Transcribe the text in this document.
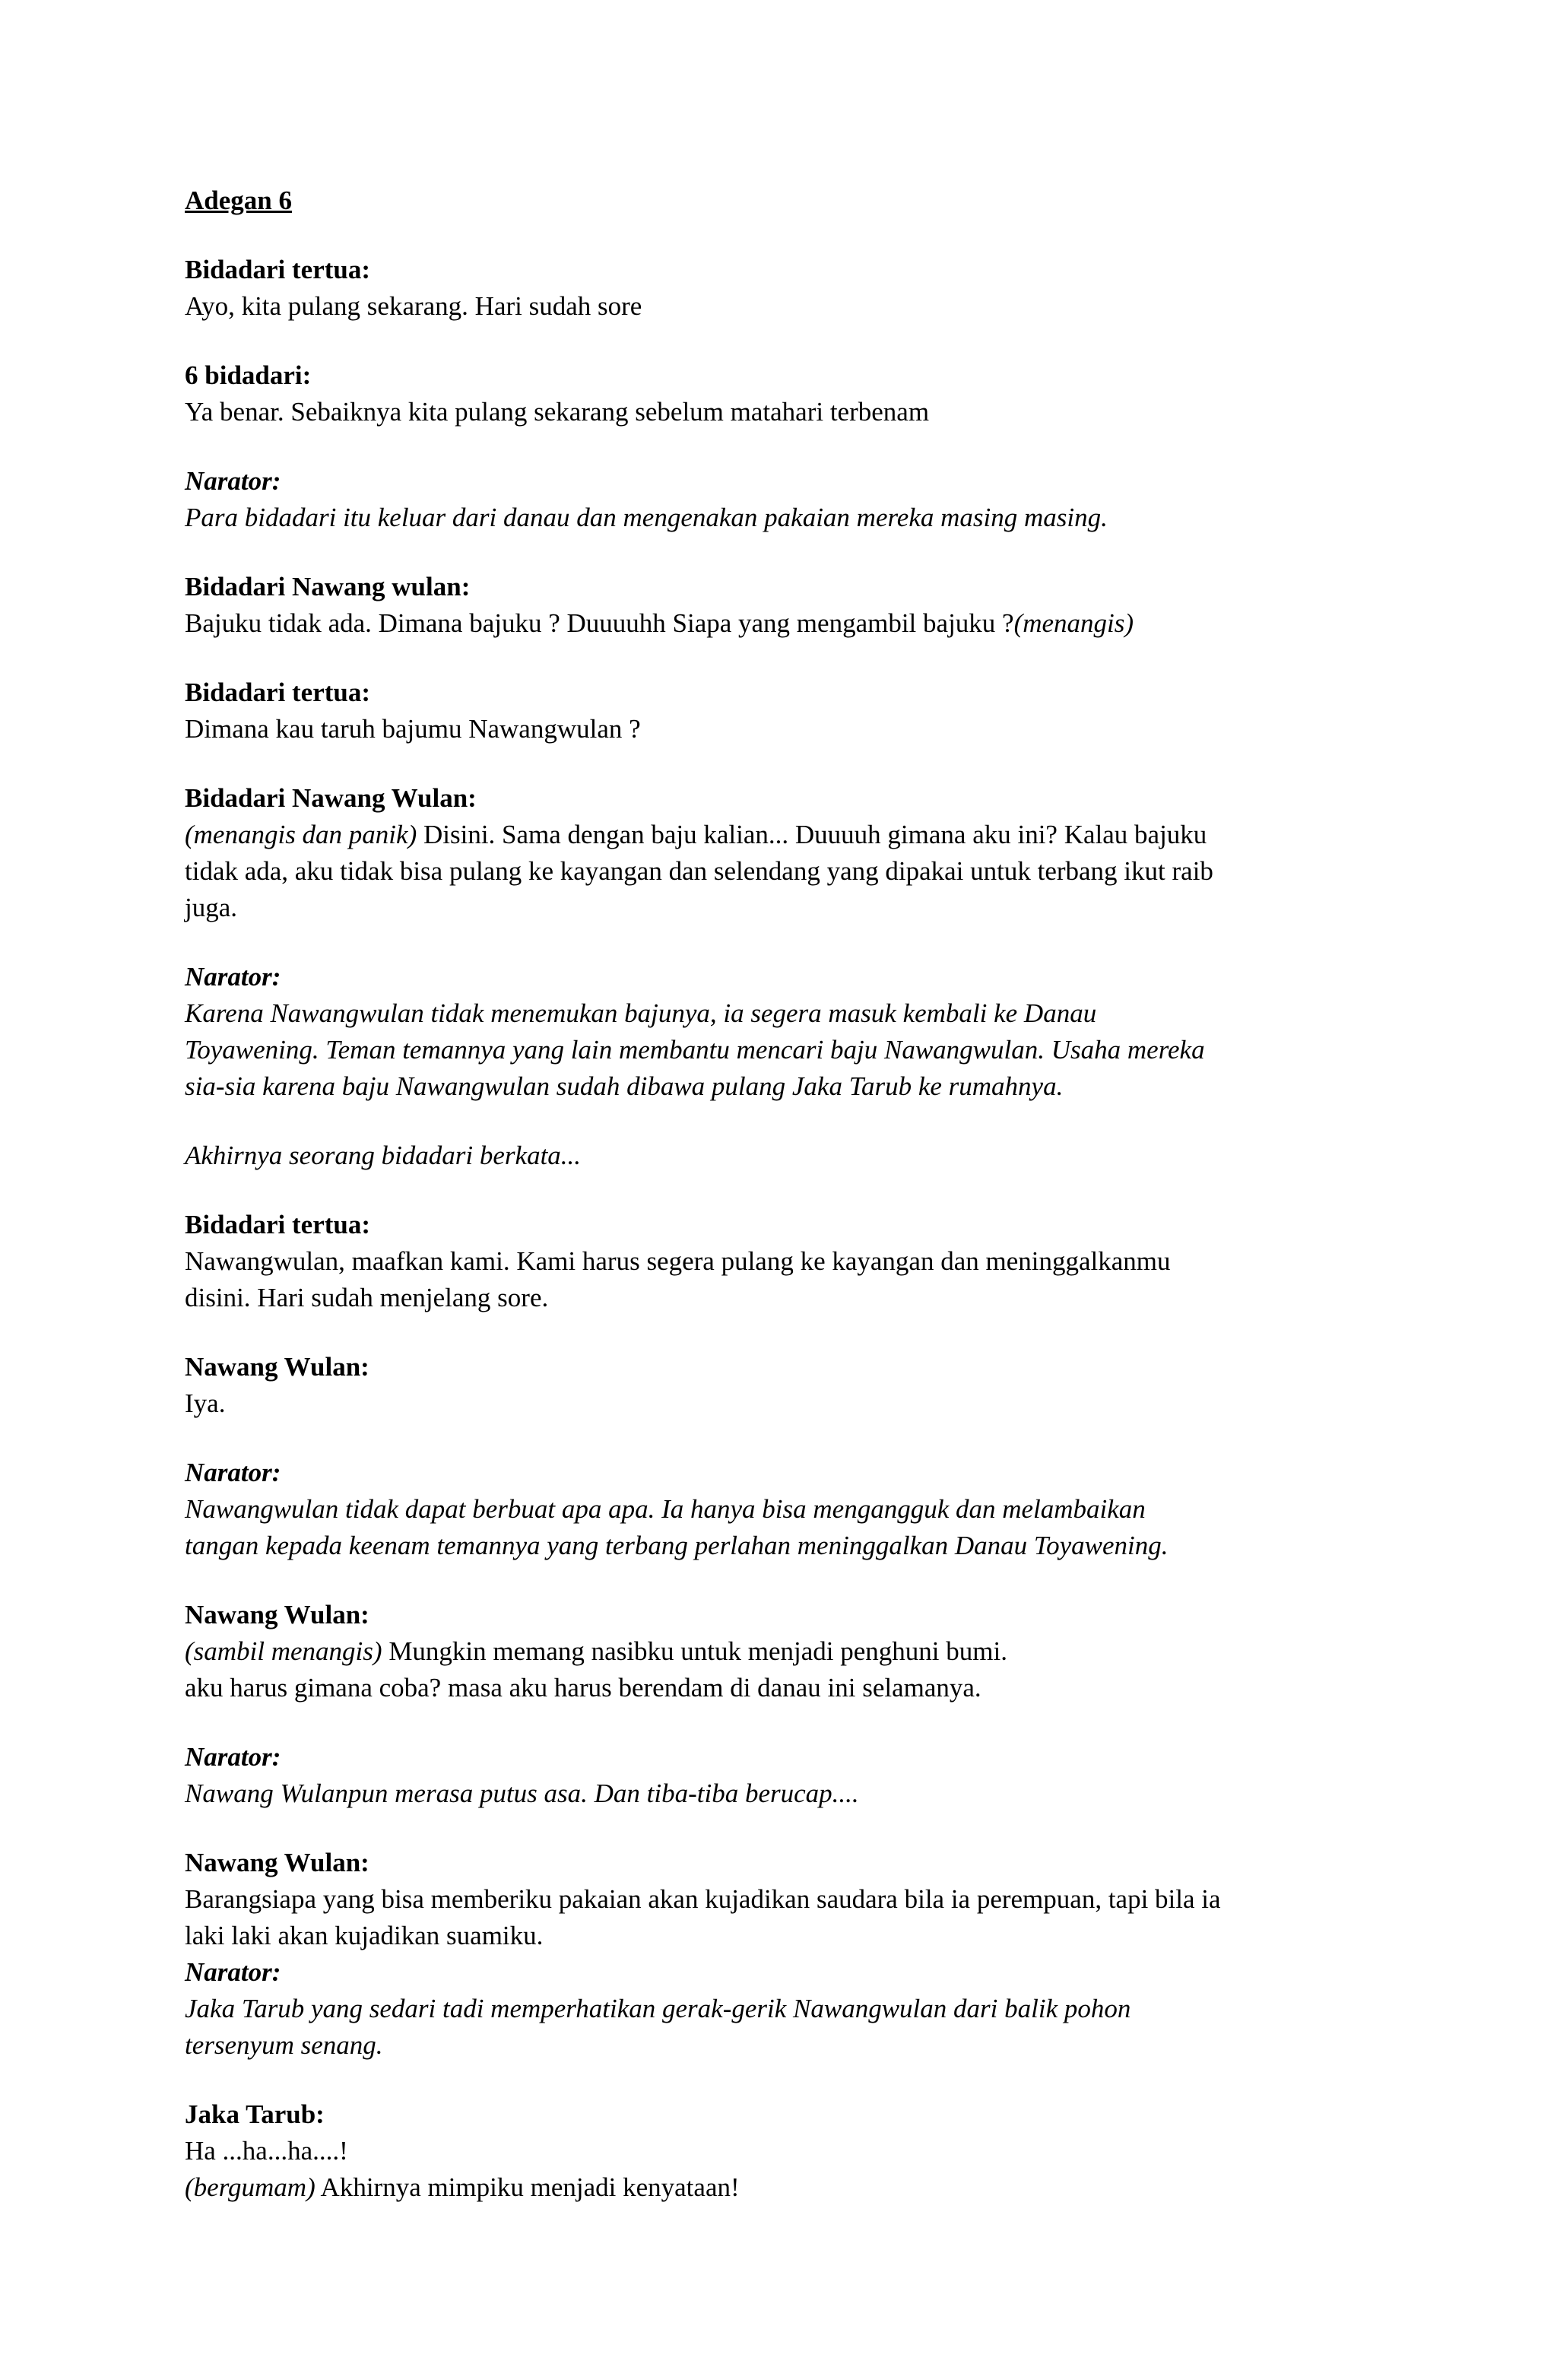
Adegan 6
Bidadari tertua:
Ayo, kita pulang sekarang. Hari sudah sore
6 bidadari:
Ya benar. Sebaiknya kita pulang sekarang sebelum matahari terbenam
Narator:
Para bidadari itu keluar dari danau dan mengenakan pakaian mereka masing masing.
Bidadari Nawang wulan:
Bajuku tidak ada. Dimana bajuku ? Duuuuhh Siapa yang mengambil bajuku ?(menangis)
Bidadari tertua:
Dimana kau taruh bajumu Nawangwulan ?
Bidadari Nawang Wulan:
(menangis dan panik) Disini. Sama dengan baju kalian... Duuuuh gimana aku ini? Kalau bajuku
tidak ada, aku tidak bisa pulang ke kayangan dan selendang yang dipakai untuk terbang ikut raib
juga.
Narator:
Karena Nawangwulan tidak menemukan bajunya, ia segera masuk kembali ke Danau
Toyawening. Teman temannya yang lain membantu mencari baju Nawangwulan. Usaha mereka
sia-sia karena baju Nawangwulan sudah dibawa pulang Jaka Tarub ke rumahnya.
Akhirnya seorang bidadari berkata...
Bidadari tertua:
Nawangwulan, maafkan kami. Kami harus segera pulang ke kayangan dan meninggalkanmu
disini. Hari sudah menjelang sore.
Nawang Wulan:
Iya.
Narator:
Nawangwulan tidak dapat berbuat apa apa. Ia hanya bisa mengangguk dan melambaikan
tangan kepada keenam temannya yang terbang perlahan meninggalkan Danau Toyawening.
Nawang Wulan:
(sambil menangis) Mungkin memang nasibku untuk menjadi penghuni bumi.
aku harus gimana coba? masa aku harus berendam di danau ini selamanya.
Narator:
Nawang Wulanpun merasa putus asa. Dan tiba-tiba berucap....
Nawang Wulan:
Barangsiapa yang bisa memberiku pakaian akan kujadikan saudara bila ia perempuan, tapi bila ia
laki laki akan kujadikan suamiku.
Narator:
Jaka Tarub yang sedari tadi memperhatikan gerak-gerik Nawangwulan dari balik pohon
tersenyum senang.
Jaka Tarub:
Ha ...ha...ha....!
(bergumam) Akhirnya mimpiku menjadi kenyataan!
